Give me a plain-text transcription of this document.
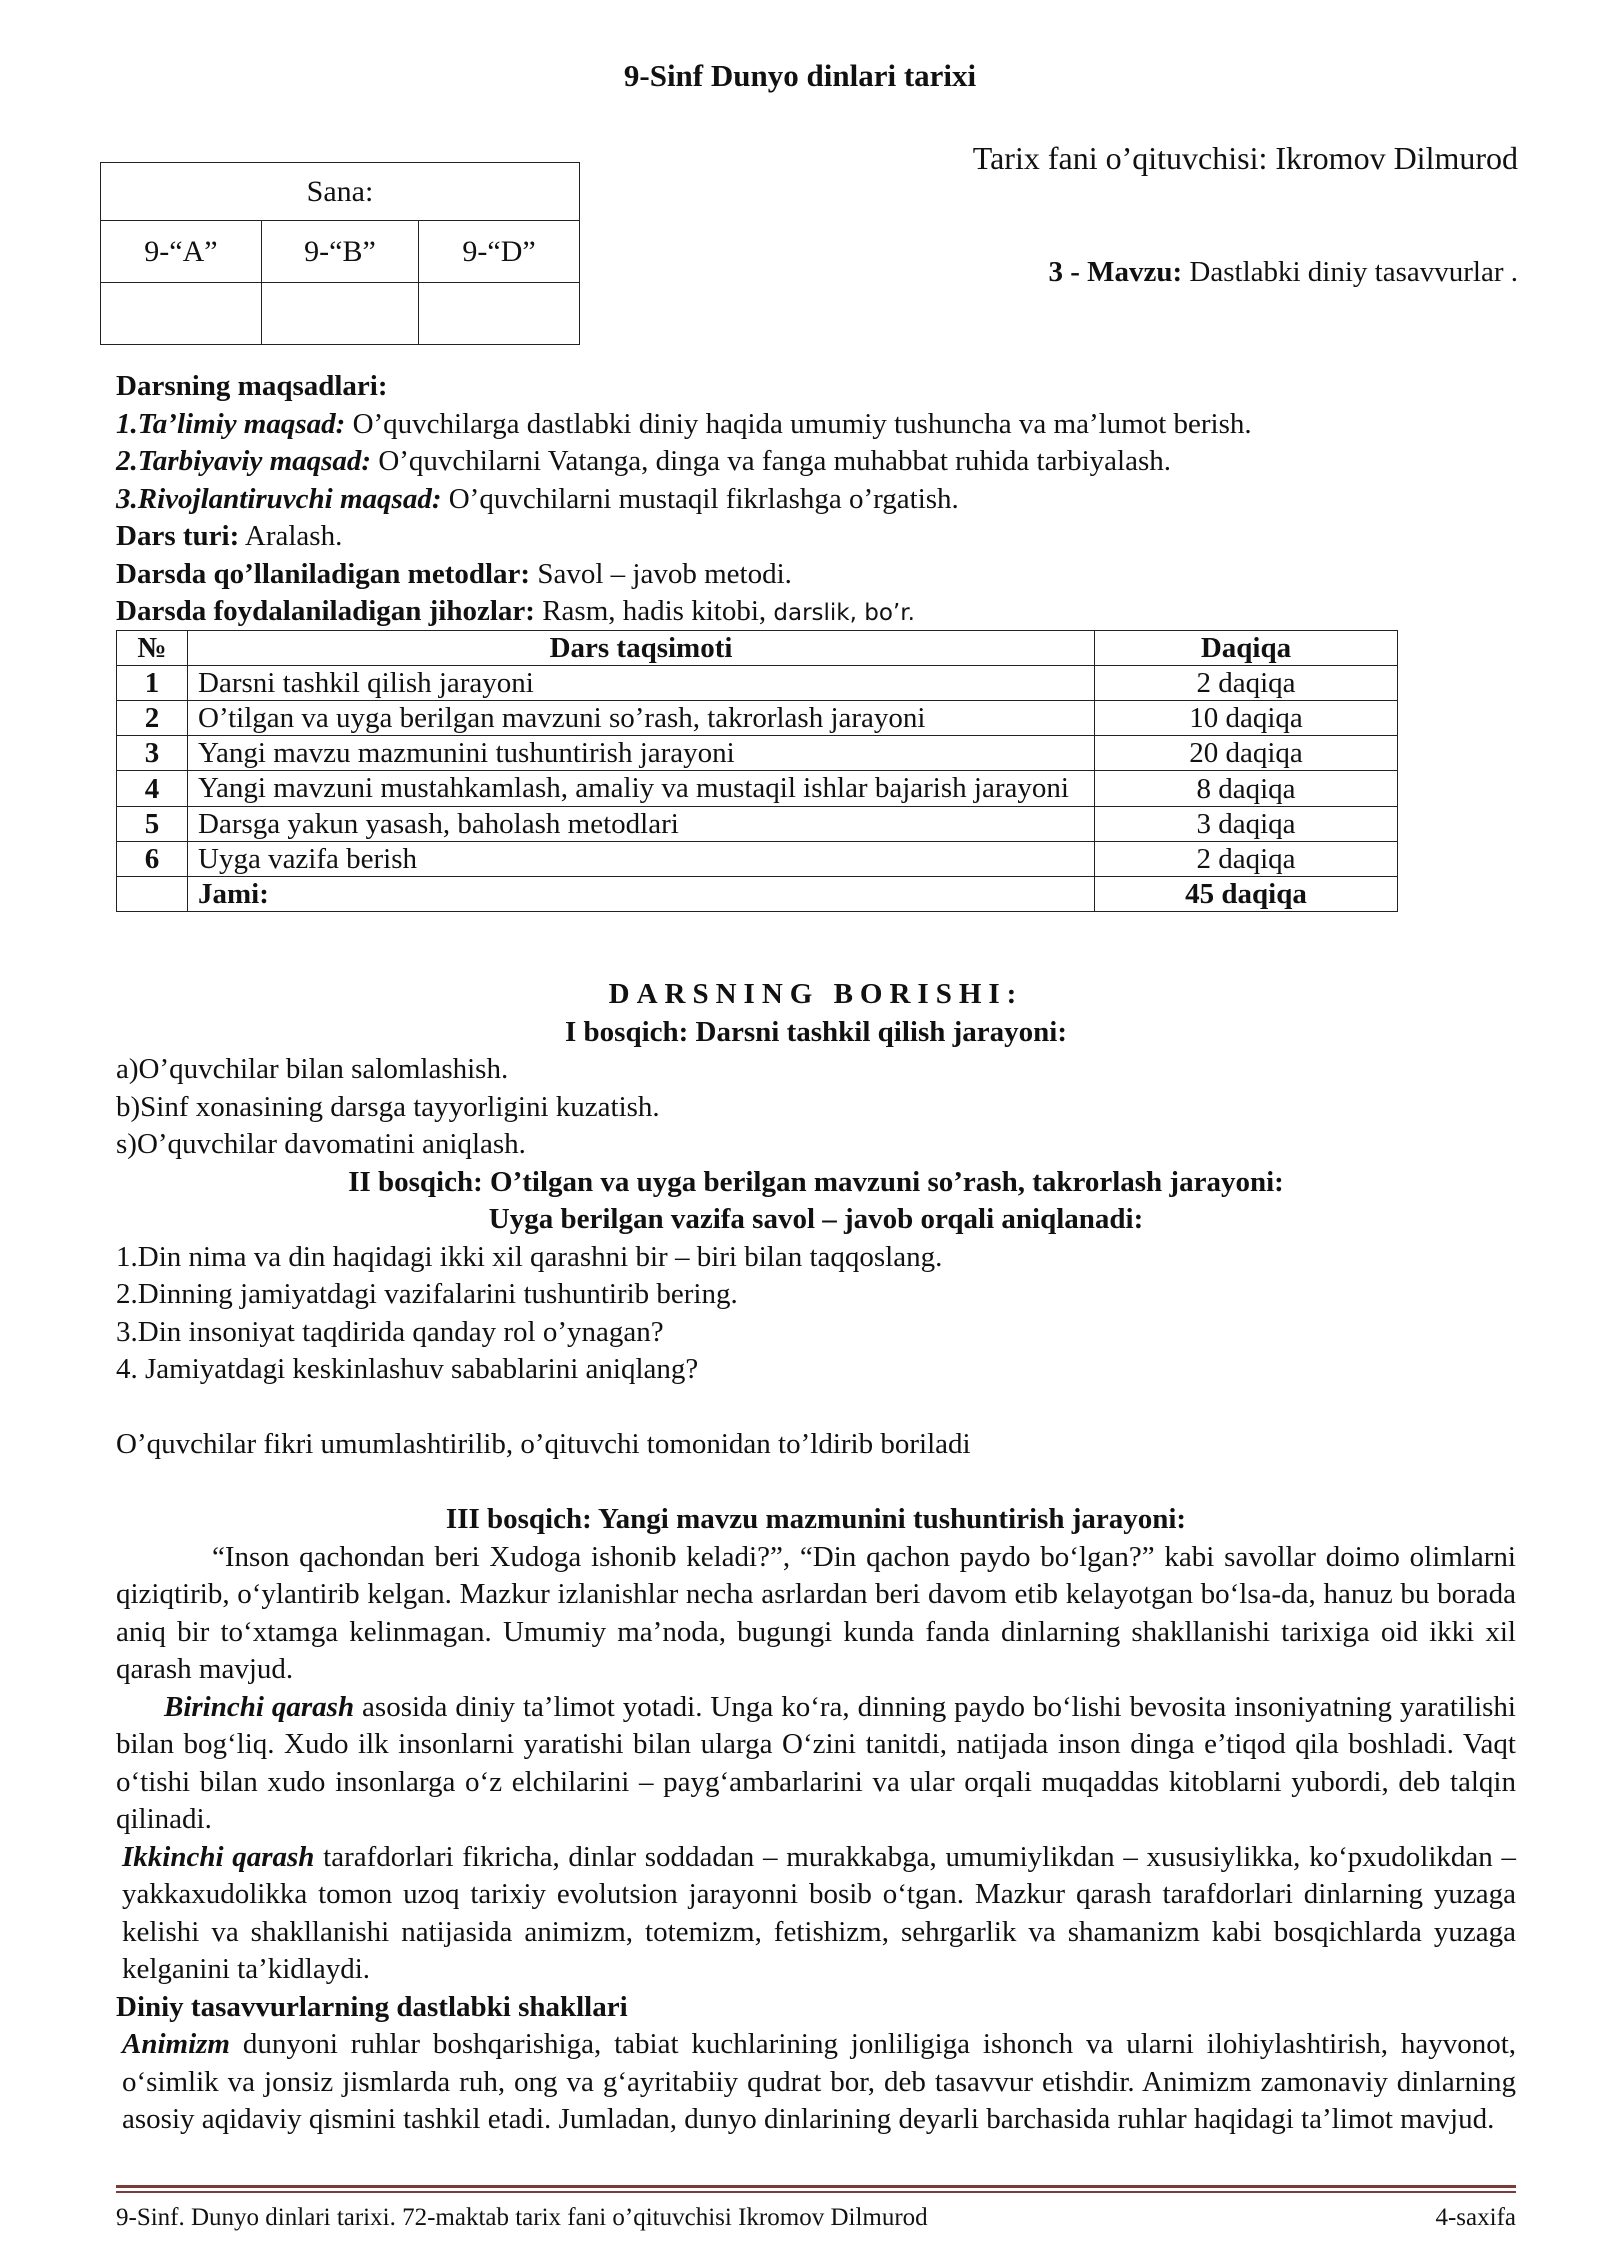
9-Sinf Dunyo dinlari tarixi
Sana:		
9-“A”	9-“B”	9-“D”

Tarix fani o’qituvchisi: Ikromov Dilmurod
3 - Mavzu: Dastlabki diniy tasavvurlar .
Darsning maqsadlari:
1.Ta’limiy maqsad: O’quvchilarga dastlabki diniy haqida umumiy tushuncha va ma’lumot berish.
2.Tarbiyaviy maqsad: O’quvchilarni Vatanga, dinga va fanga muhabbat ruhida tarbiyalash.
3.Rivojlantiruvchi maqsad: O’quvchilarni mustaqil fikrlashga o’rgatish.
Dars turi: Aralash.
Darsda qo’llaniladigan metodlar: Savol – javob metodi.
Darsda foydalaniladigan jihozlar: Rasm, hadis kitobi, darslik, bo’r.
№	Dars taqsimoti	Daqiqa
1	Darsni tashkil qilish jarayoni	2 daqiqa
2	O’tilgan va uyga berilgan mavzuni so’rash, takrorlash jarayoni	10 daqiqa
3	Yangi mavzu mazmunini tushuntirish jarayoni	20 daqiqa
4	Yangi mavzuni mustahkamlash, amaliy va mustaqil ishlar bajarish jarayoni	8 daqiqa
5	Darsga yakun yasash, baholash metodlari	3 daqiqa
6	Uyga vazifa berish	2 daqiqa
	Jami:	45 daqiqa
DARSNING BORISHI:
I bosqich: Darsni tashkil qilish jarayoni:
a)O’quvchilar bilan salomlashish.
b)Sinf xonasining darsga tayyorligini kuzatish.
s)O’quvchilar davomatini aniqlash.
II bosqich: O’tilgan va uyga berilgan mavzuni so’rash, takrorlash jarayoni:
Uyga berilgan vazifa savol – javob orqali aniqlanadi:
1.Din nima va din haqidagi ikki xil qarashni bir – biri bilan taqqoslang.
2.Dinning jamiyatdagi vazifalarini tushuntirib bering.
3.Din insoniyat taqdirida qanday rol o’ynagan?
4. Jamiyatdagi keskinlashuv sabablarini aniqlang?
O’quvchilar fikri umumlashtirilib, o’qituvchi tomonidan to’ldirib boriladi
III bosqich: Yangi mavzu mazmunini tushuntirish jarayoni:
“Inson qachondan beri Xudoga ishonib keladi?”, “Din qachon paydo bo‘lgan?” kabi savollar doimo olimlarni qiziqtirib, o‘ylantirib kelgan. Mazkur izlanishlar necha asrlardan beri davom etib kelayotgan bo‘lsa-da, hanuz bu borada aniq bir to‘xtamga kelinmagan. Umumiy ma’noda, bugungi kunda fanda dinlarning shakllanishi tarixiga oid ikki xil qarash mavjud.
Birinchi qarash asosida diniy ta’limot yotadi. Unga ko‘ra, dinning paydo bo‘lishi bevosita insoniyatning yaratilishi bilan bog‘liq. Xudo ilk insonlarni yaratishi bilan ularga O‘zini tanitdi, natijada inson dinga e’tiqod qila boshladi. Vaqt o‘tishi bilan xudo insonlarga o‘z elchilarini – payg‘ambarlarini va ular orqali muqaddas kitoblarni yubordi, deb talqin qilinadi.
Ikkinchi qarash tarafdorlari fikricha, dinlar soddadan – murakkabga, umumiylikdan – xususiylikka, ko‘pxudolikdan – yakkaxudolikka tomon uzoq tarixiy evolutsion jarayonni bosib o‘tgan. Mazkur qarash tarafdorlari dinlarning yuzaga kelishi va shakllanishi natijasida animizm, totemizm, fetishizm, sehrgarlik va shamanizm kabi bosqichlarda yuzaga kelganini ta’kidlaydi.
Diniy tasavvurlarning dastlabki shakllari
Animizm dunyoni ruhlar boshqarishiga, tabiat kuchlarining jonliligiga ishonch va ularni ilohiylashtirish, hayvonot, o‘simlik va jonsiz jismlarda ruh, ong va g‘ayritabiiy qudrat bor, deb tasavvur etishdir. Animizm zamonaviy dinlarning asosiy aqidaviy qismini tashkil etadi. Jumladan, dunyo dinlarining deyarli barchasida ruhlar haqidagi ta’limot mavjud.
9-Sinf. Dunyo dinlari tarixi. 72-maktab tarix fani o’qituvchisi Ikromov Dilmurod	4-saxifa
